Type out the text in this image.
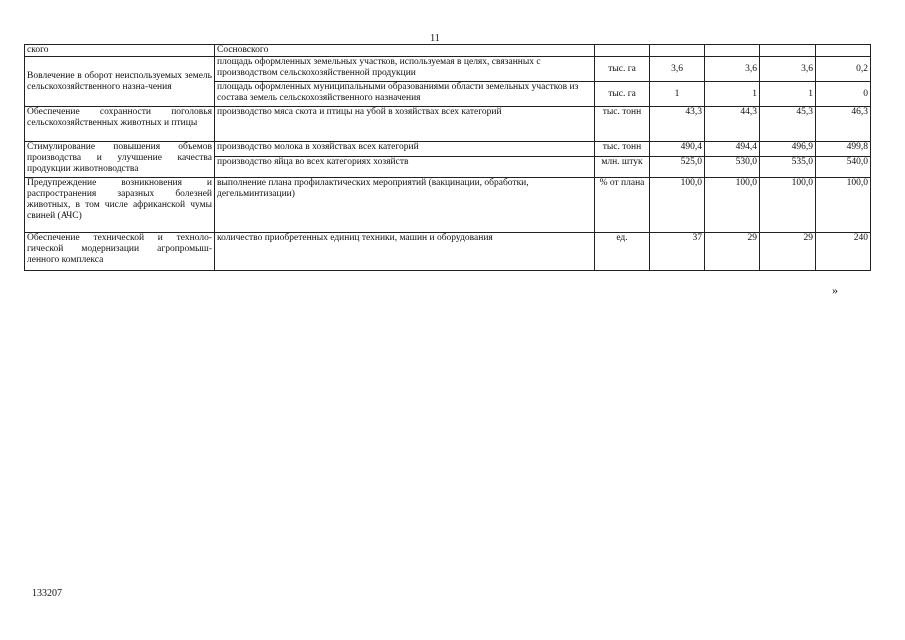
11
ского	Сосновского					
Вовлечение в оборот неиспользуемых земель сельскохозяйственного назна-чения	площадь оформленных земельных участков, используемая в целях, связанных с производством сельскохозяйственной продукции	тыс. га	3,6	3,6	3,6	0,2
	площадь оформленных муниципальными образованиями области земельных участков из состава земель сельскохозяйственного назначения	тыс. га	1	1	1	0
Обеспечение сохранности поголовья сельскохозяйственных животных и птицы	производство мяса скота и птицы на убой в хозяйствах всех категорий	тыс. тонн	43,3	44,3	45,3	46,3
Стимулирование повышения объемов производства и улучшение качества продукции животноводства	производство молока в хозяйствах всех категорий	тыс. тонн	490,4	494,4	496,9	499,8
	производство яйца во всех категориях хозяйств	млн. штук	525,0	530,0	535,0	540,0
Предупреждение возникновения и распространения заразных болезней животных, в том числе африканской чумы свиней (АЧС)	выполнение плана профилактических мероприятий (вакцинации, обработки, дегельминтизации)	% от плана	100,0	100,0	100,0	100,0
Обеспечение технической и техноло-гической модернизации агропромыш-ленного комплекса	количество приобретенных единиц техники, машин и оборудования	ед.	37	29	29	240
»
133207
